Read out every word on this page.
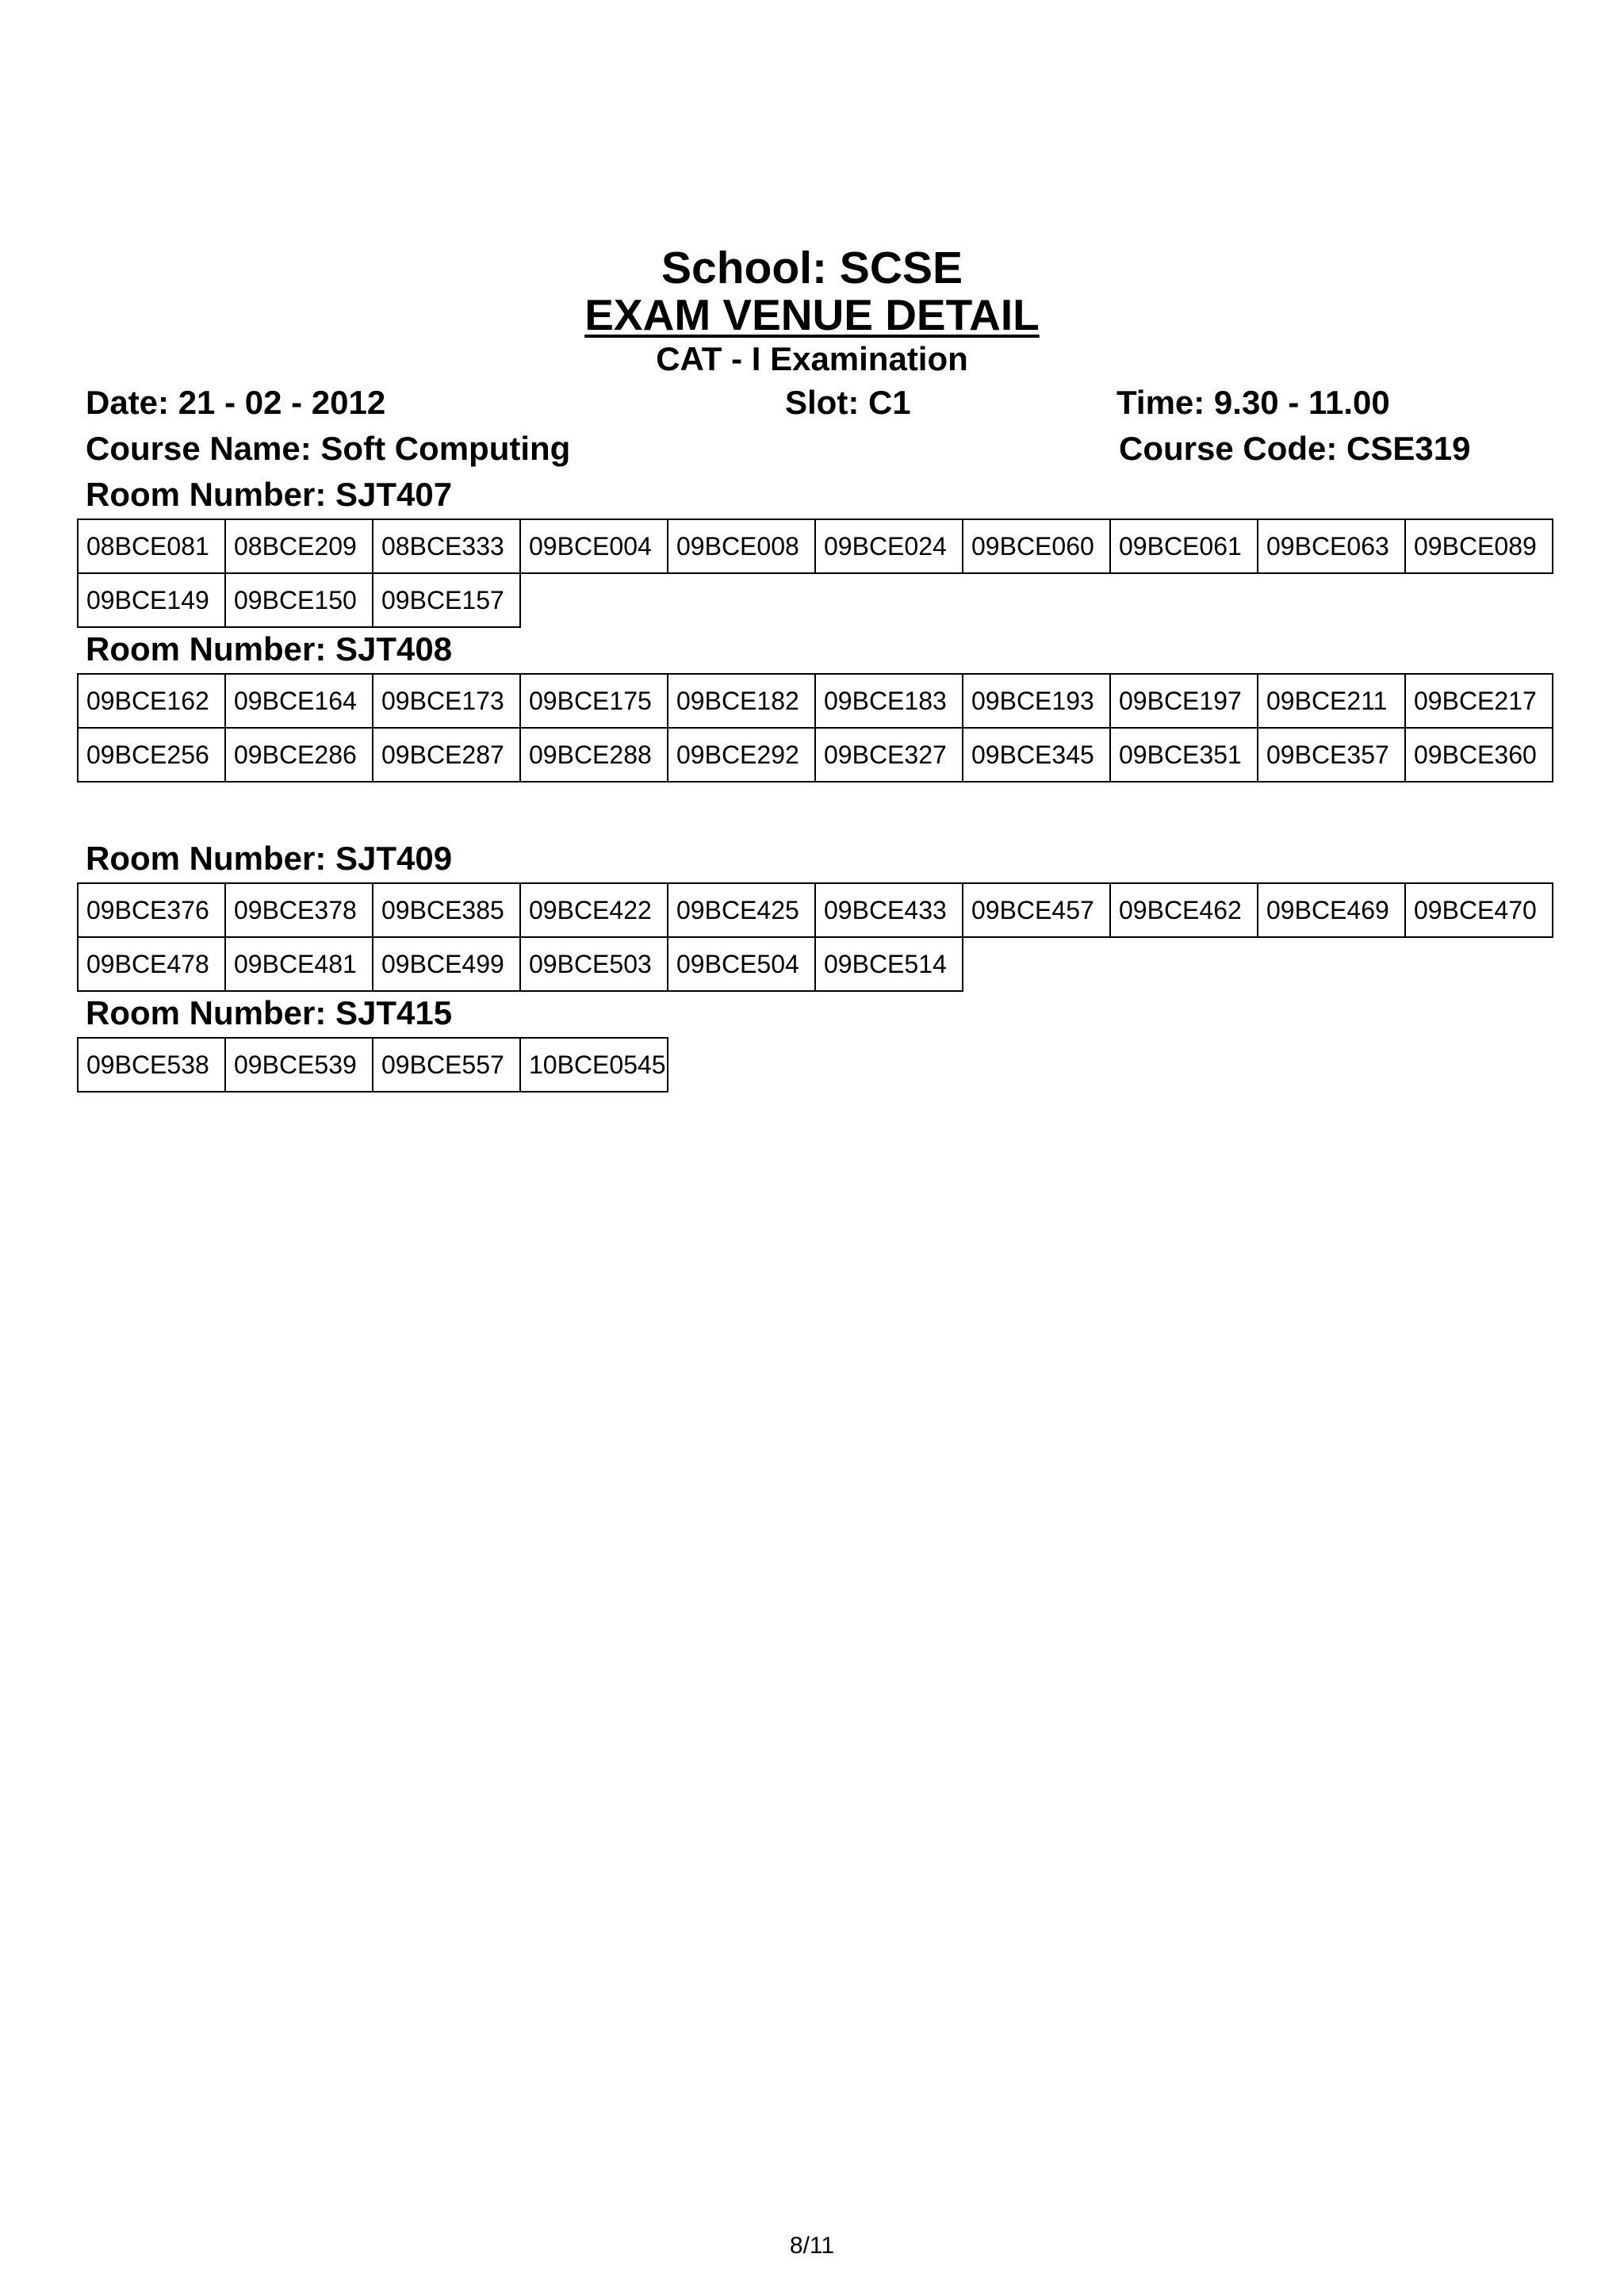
School: SCSE
EXAM VENUE DETAIL
CAT - I Examination
Date: 21 - 02 - 2012	Slot: C1	Time: 9.30 - 11.00
Course Name: Soft Computing	Course Code: CSE319
Room Number: SJT407
08BCE081	08BCE209	08BCE333	09BCE004	09BCE008	09BCE024	09BCE060	09BCE061	09BCE063	09BCE089
09BCE149	09BCE150	09BCE157							
Room Number: SJT408
09BCE162	09BCE164	09BCE173	09BCE175	09BCE182	09BCE183	09BCE193	09BCE197	09BCE211	09BCE217
09BCE256	09BCE286	09BCE287	09BCE288	09BCE292	09BCE327	09BCE345	09BCE351	09BCE357	09BCE360
Room Number: SJT409
09BCE376	09BCE378	09BCE385	09BCE422	09BCE425	09BCE433	09BCE457	09BCE462	09BCE469	09BCE470
09BCE478	09BCE481	09BCE499	09BCE503	09BCE504	09BCE514				
Room Number: SJT415
09BCE538	09BCE539	09BCE557	10BCE0545
8/11
